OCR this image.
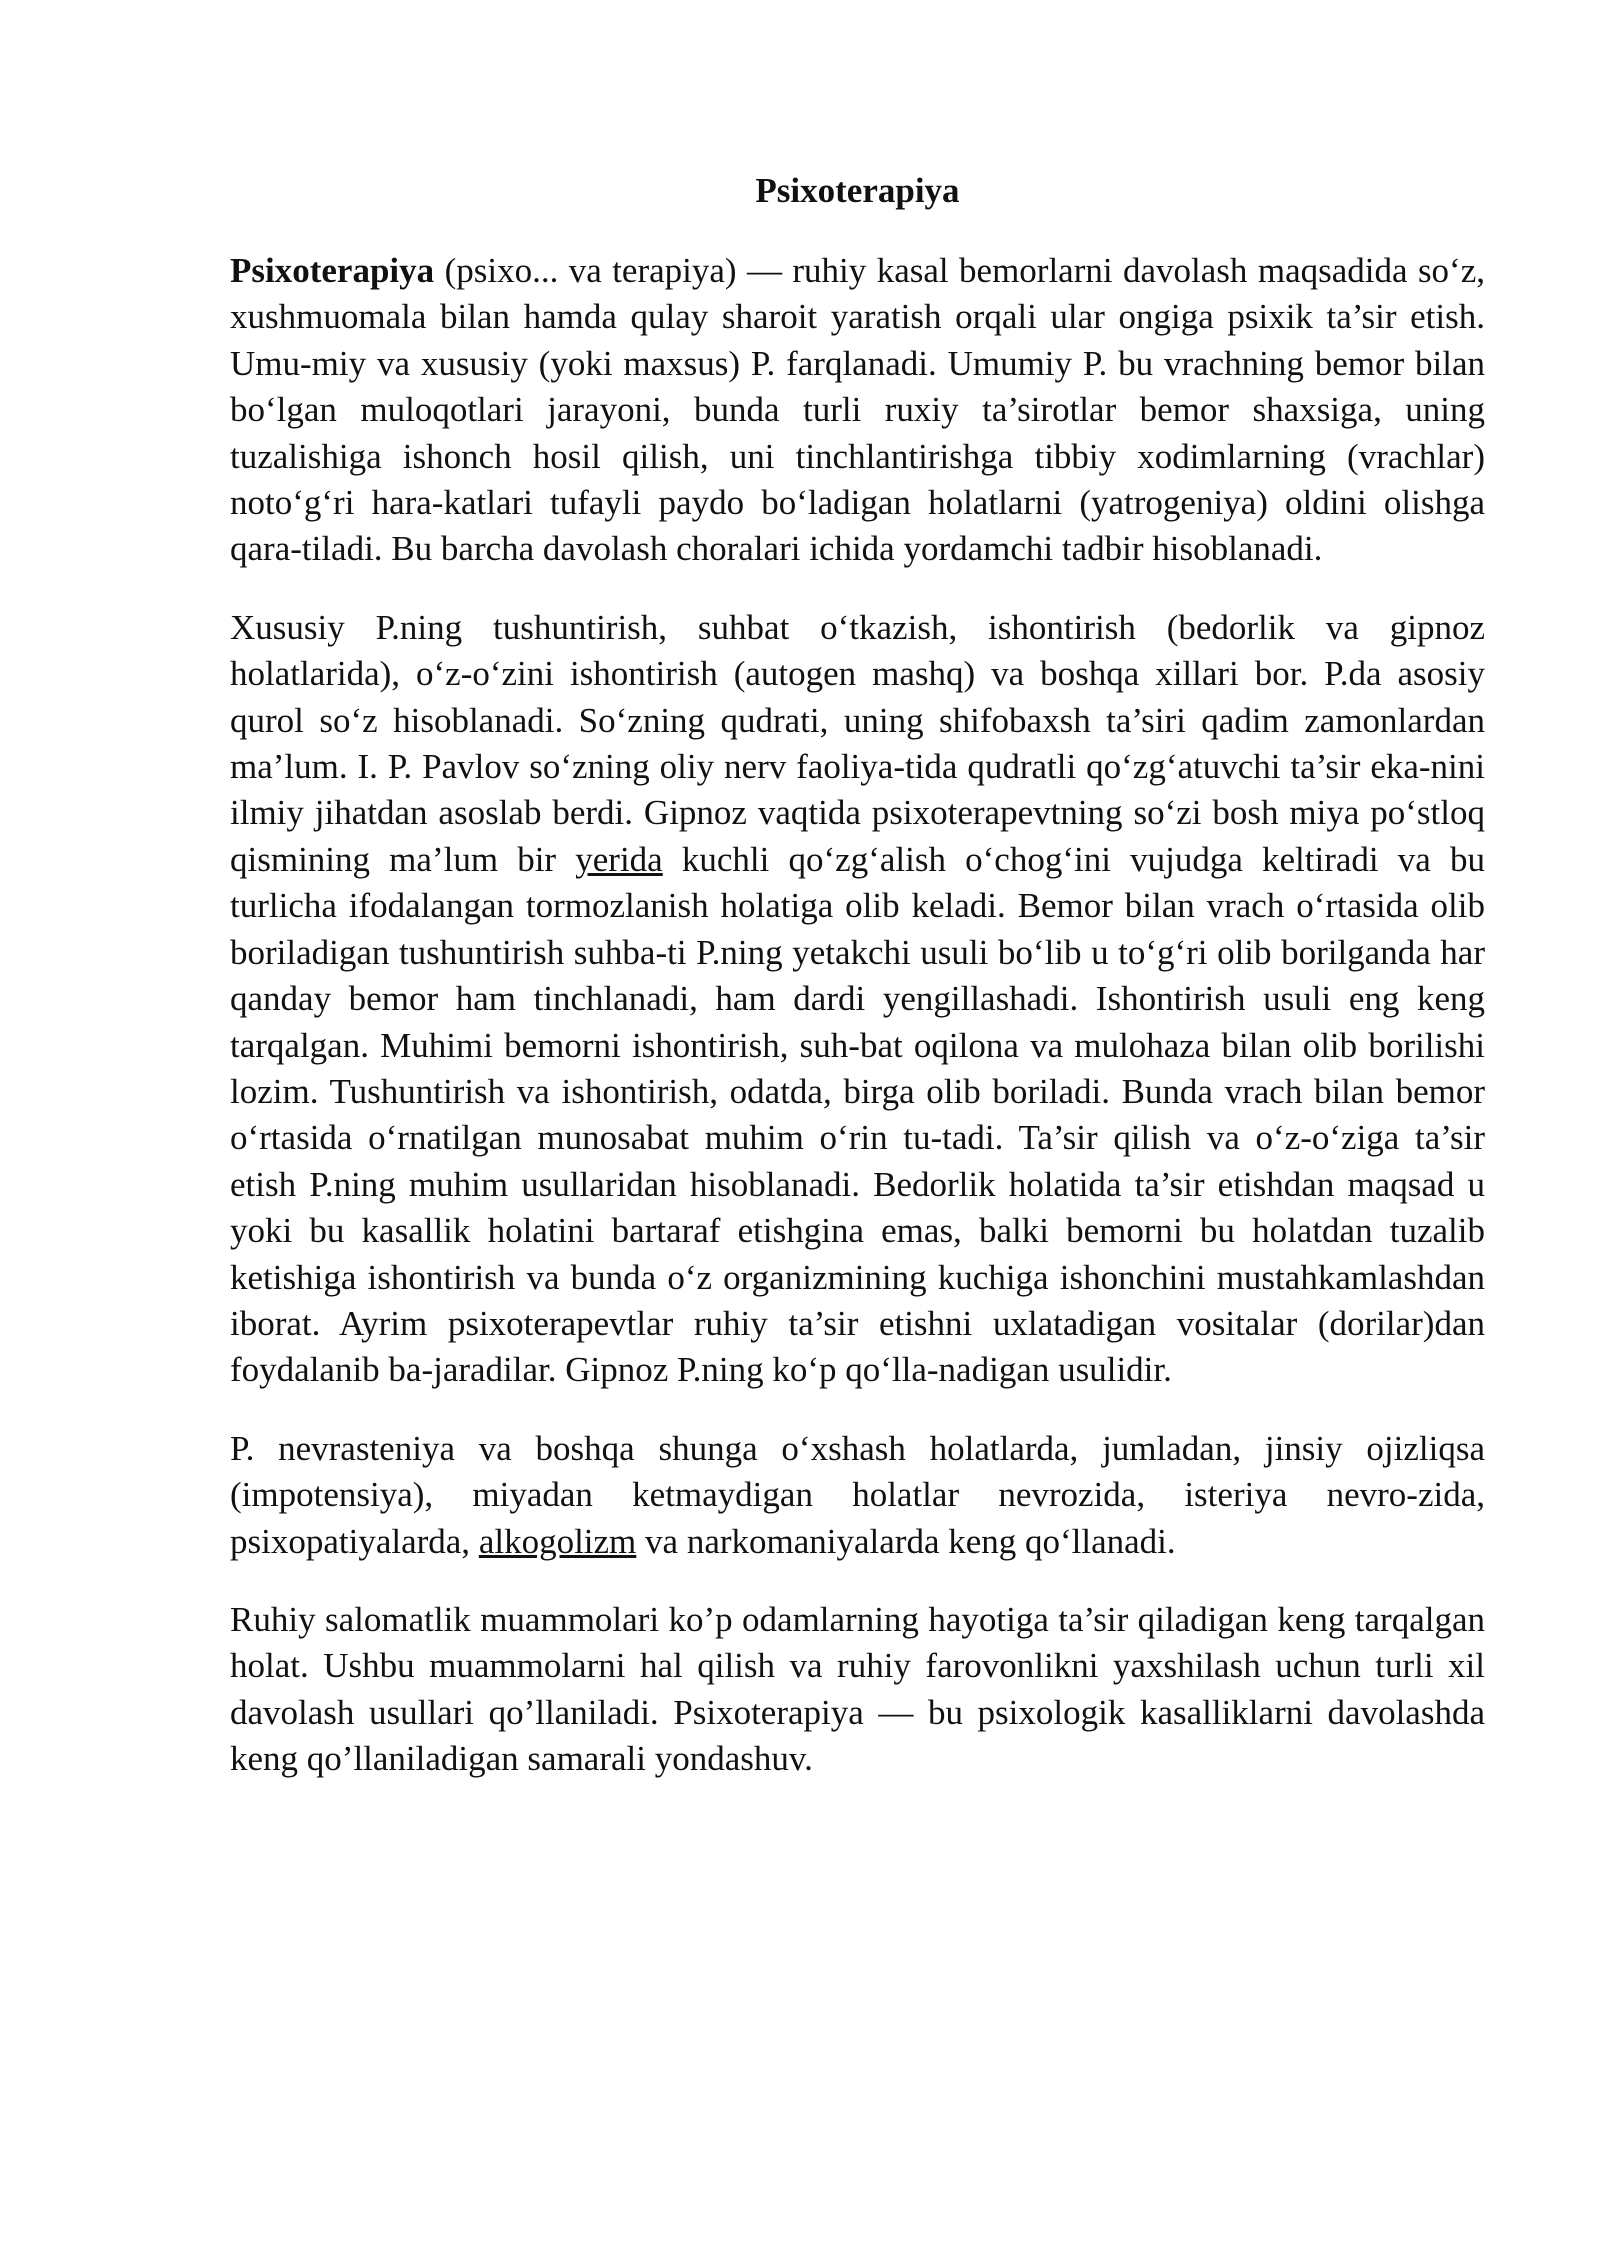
Psixoterapiya

Psixoterapiya (psixo... va terapiya) — ruhiy kasal bemorlarni davolash maqsadida so‘z, xushmuomala bilan hamda qulay sharoit yaratish orqali ular ongiga psixik ta’sir etish. Umu-miy va xususiy (yoki maxsus) P. farqlanadi. Umumiy P. bu vrachning bemor bilan bo‘lgan muloqotlari jarayoni, bunda turli ruxiy ta’sirotlar bemor shaxsiga, uning tuzalishiga ishonch hosil qilish, uni tinchlantirishga tibbiy xodimlarning (vrachlar) noto‘g‘ri hara-katlari tufayli paydo bo‘ladigan holatlarni (yatrogeniya) oldini olishga qara-tiladi. Bu barcha davolash choralari ichida yordamchi tadbir hisoblanadi.

Xususiy P.ning tushuntirish, suhbat o‘tkazish, ishontirish (bedorlik va gipnoz holatlarida), o‘z-o‘zini ishontirish (autogen mashq) va boshqa xillari bor. P.da asosiy qurol so‘z hisoblanadi. So‘zning qudrati, uning shifobaxsh ta’siri qadim zamonlardan ma’lum. I. P. Pavlov so‘zning oliy nerv faoliya-tida qudratli qo‘zg‘atuvchi ta’sir eka-nini ilmiy jihatdan asoslab berdi. Gipnoz vaqtida psixoterapevtning so‘zi bosh miya po‘stloq qismining ma’lum bir yerida kuchli qo‘zg‘alish o‘chog‘ini vujudga keltiradi va bu turlicha ifodalangan tormozlanish holatiga olib keladi. Bemor bilan vrach o‘rtasida olib boriladigan tushuntirish suhba-ti P.ning yetakchi usuli bo‘lib u to‘g‘ri olib borilganda har qanday bemor ham tinchlanadi, ham dardi yengillashadi. Ishontirish usuli eng keng tarqalgan. Muhimi bemorni ishontirish, suh-bat oqilona va mulohaza bilan olib borilishi lozim. Tushuntirish va ishontirish, odatda, birga olib boriladi. Bunda vrach bilan bemor o‘rtasida o‘rnatilgan munosabat muhim o‘rin tu-tadi. Ta’sir qilish va o‘z-o‘ziga ta’sir etish P.ning muhim usullaridan hisoblanadi. Bedorlik holatida ta’sir etishdan maqsad u yoki bu kasallik holatini bartaraf etishgina emas, balki bemorni bu holatdan tuzalib ketishiga ishontirish va bunda o‘z organizmining kuchiga ishonchini mustahkamlashdan iborat. Ayrim psixoterapevtlar ruhiy ta’sir etishni uxlatadigan vositalar (dorilar)dan foydalanib ba-jaradilar. Gipnoz P.ning ko‘p qo‘lla-nadigan usulidir.

P. nevrasteniya va boshqa shunga o‘xshash holatlarda, jumladan, jinsiy ojizliqsa (impotensiya), miyadan ketmaydigan holatlar nevrozida, isteriya nevro-zida, psixopatiyalarda, alkogolizm va narkomaniyalarda keng qo‘llanadi.

Ruhiy salomatlik muammolari ko’p odamlarning hayotiga ta’sir qiladigan keng tarqalgan holat. Ushbu muammolarni hal qilish va ruhiy farovonlikni yaxshilash uchun turli xil davolash usullari qo’llaniladi. Psixoterapiya — bu psixologik kasalliklarni davolashda keng qo’llaniladigan samarali yondashuv.
